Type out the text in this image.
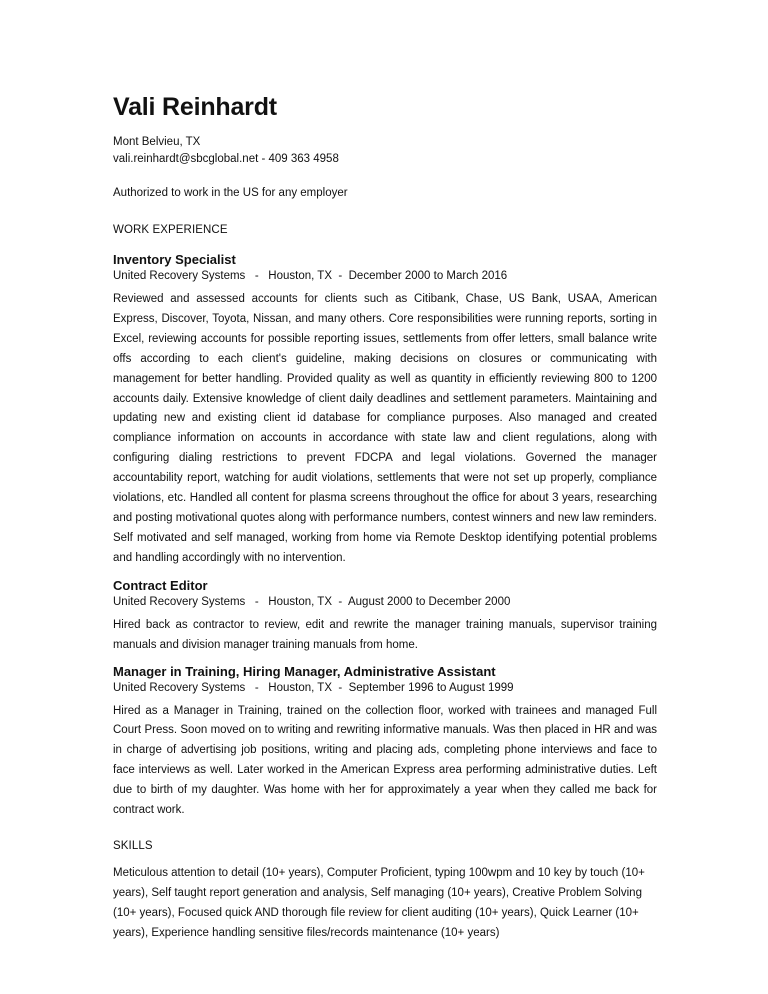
Vali Reinhardt
Mont Belvieu, TX
vali.reinhardt@sbcglobal.net - 409 363 4958
Authorized to work in the US for any employer
WORK EXPERIENCE
Inventory Specialist
United Recovery Systems   -   Houston, TX  -  December 2000 to March 2016
Reviewed and assessed accounts for clients such as Citibank, Chase, US Bank, USAA, American Express, Discover, Toyota, Nissan, and many others. Core responsibilities were running reports, sorting in Excel, reviewing accounts for possible reporting issues, settlements from offer letters, small balance write offs according to each client's guideline, making decisions on closures or communicating with management for better handling. Provided quality as well as quantity in efficiently reviewing 800 to 1200 accounts daily. Extensive knowledge of client daily deadlines and settlement parameters. Maintaining and updating new and existing client id database for compliance purposes. Also managed and created compliance information on accounts in accordance with state law and client regulations, along with configuring dialing restrictions to prevent FDCPA and legal violations. Governed the manager accountability report, watching for audit violations, settlements that were not set up properly, compliance violations, etc. Handled all content for plasma screens throughout the office for about 3 years, researching and posting motivational quotes along with performance numbers, contest winners and new law reminders. Self motivated and self managed, working from home via Remote Desktop identifying potential problems and handling accordingly with no intervention.
Contract Editor
United Recovery Systems   -   Houston, TX  -  August 2000 to December 2000
Hired back as contractor to review, edit and rewrite the manager training manuals, supervisor training manuals and division manager training manuals from home.
Manager in Training, Hiring Manager, Administrative Assistant
United Recovery Systems   -   Houston, TX  -  September 1996 to August 1999
Hired as a Manager in Training, trained on the collection floor, worked with trainees and managed Full Court Press. Soon moved on to writing and rewriting informative manuals. Was then placed in HR and was in charge of advertising job positions, writing and placing ads, completing phone interviews and face to face interviews as well. Later worked in the American Express area performing administrative duties. Left due to birth of my daughter. Was home with her for approximately a year when they called me back for contract work.
SKILLS
Meticulous attention to detail (10+ years), Computer Proficient, typing 100wpm and 10 key by touch (10+ years), Self taught report generation and analysis, Self managing (10+ years), Creative Problem Solving (10+ years), Focused quick AND thorough file review for client auditing (10+ years), Quick Learner (10+ years), Experience handling sensitive files/records maintenance (10+ years)
